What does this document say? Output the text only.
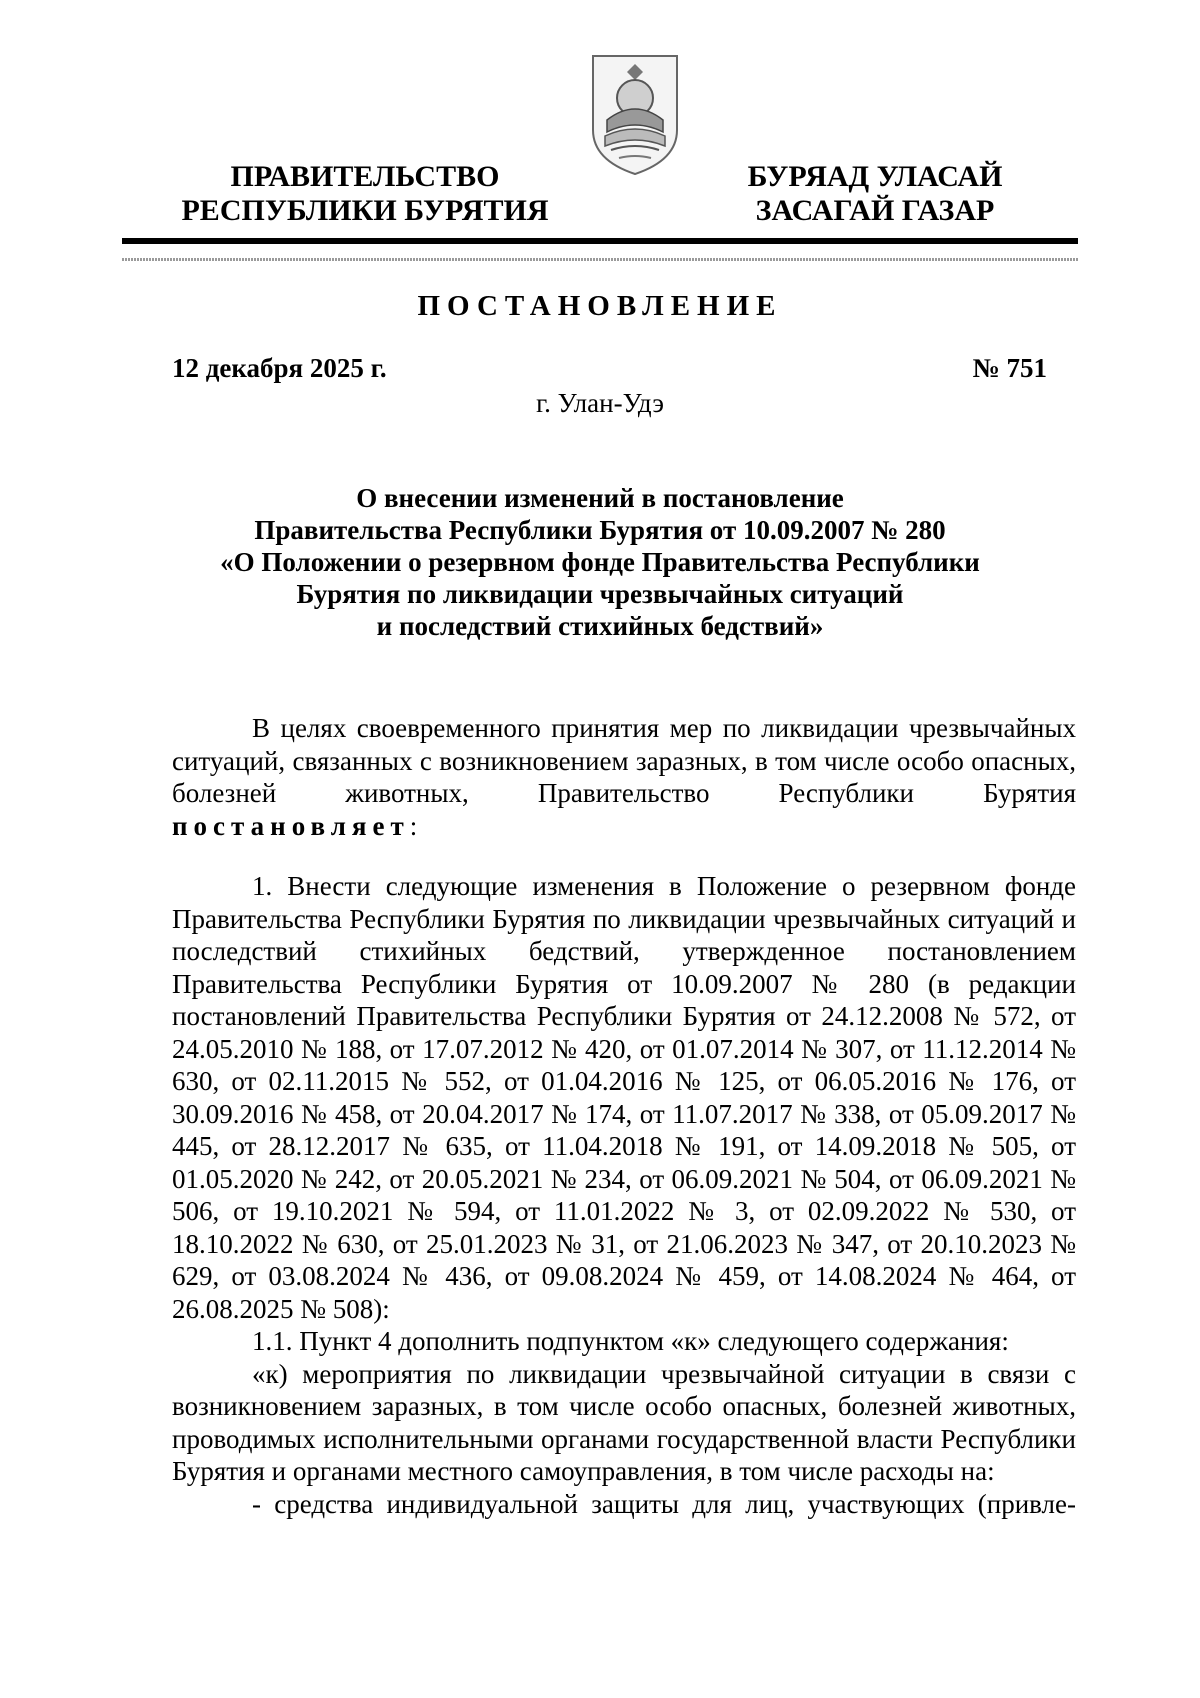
ПРАВИТЕЛЬСТВО
РЕСПУБЛИКИ БУРЯТИЯ
БУРЯАД УЛАСАЙ
ЗАСАГАЙ ГАЗАР
ПОСТАНОВЛЕНИЕ
12 декабря 2025 г.	№ 751
г. Улан-Удэ
О внесении изменений в постановление
Правительства Республики Бурятия от 10.09.2007 № 280
«О Положении о резервном фонде Правительства Республики
Бурятия по ликвидации чрезвычайных ситуаций
и последствий стихийных бедствий»

В целях своевременного принятия мер по ликвидации чрезвычайных ситуаций, связанных с возникновением заразных, в том числе особо опасных, болезней животных, Правительство Республики Бурятия постановляет:

1. Внести следующие изменения в Положение о резервном фонде Правительства Республики Бурятия по ликвидации чрезвычайных ситуаций и последствий стихийных бедствий, утвержденное постановлением Правительства Республики Бурятия от 10.09.2007 № 280 (в редакции постановлений Правительства Республики Бурятия от 24.12.2008 № 572, от 24.05.2010 № 188, от 17.07.2012 № 420, от 01.07.2014 № 307, от 11.12.2014 № 630, от 02.11.2015 № 552, от 01.04.2016 № 125, от 06.05.2016 № 176, от 30.09.2016 № 458, от 20.04.2017 № 174, от 11.07.2017 № 338, от 05.09.2017 № 445, от 28.12.2017 № 635, от 11.04.2018 № 191, от 14.09.2018 № 505, от 01.05.2020 № 242, от 20.05.2021 № 234, от 06.09.2021 № 504, от 06.09.2021 № 506, от 19.10.2021 № 594, от 11.01.2022 № 3, от 02.09.2022 № 530, от 18.10.2022 № 630, от 25.01.2023 № 31, от 21.06.2023 № 347, от 20.10.2023 № 629, от 03.08.2024 № 436, от 09.08.2024 № 459, от 14.08.2024 № 464, от 26.08.2025 № 508):

1.1. Пункт 4 дополнить подпунктом «к» следующего содержания:

«к) мероприятия по ликвидации чрезвычайной ситуации в связи с возникновением заразных, в том числе особо опасных, болезней животных, проводимых исполнительными органами государственной власти Республики Бурятия и органами местного самоуправления, в том числе расходы на:

- средства индивидуальной защиты для лиц, участвующих (привле-
